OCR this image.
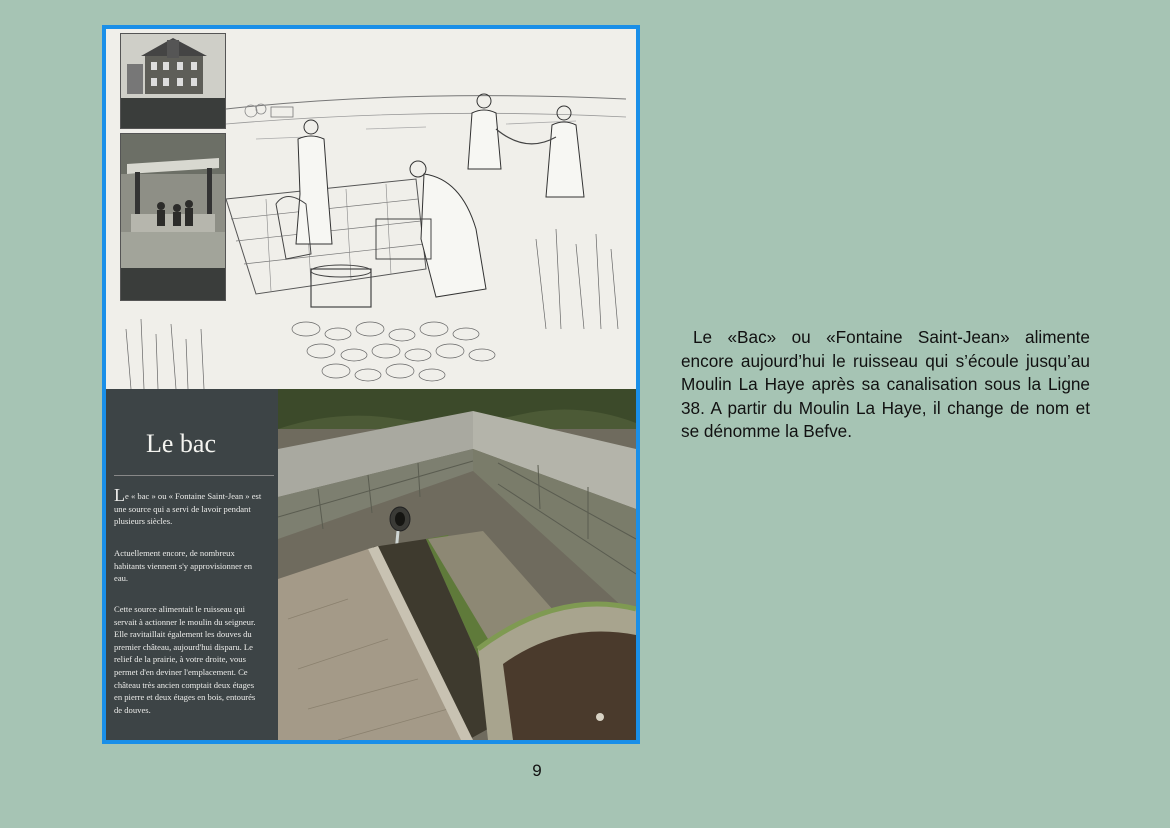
Le bac
Le « bac » ou « Fontaine Saint-Jean » est une source qui a servi de lavoir pendant plusieurs siècles.
Actuellement encore, de nombreux habitants viennent s'y approvisionner en eau.
Cette source alimentait le ruisseau qui servait à actionner le moulin du seigneur. Elle ravitaillait également les douves du premier château, aujourd'hui disparu. Le relief de la prairie, à votre droite, vous permet d'en deviner l'emplacement. Ce château très ancien comptait deux étages en pierre et deux étages en bois, entourés de douves.
Le «Bac» ou «Fontaine Saint-Jean» alimente encore aujourd’hui le ruisseau qui s’écoule jusqu’au Moulin La Haye après sa canalisation sous la Ligne 38. A partir du Moulin La Haye, il change de nom et se dénomme la Befve.
9
